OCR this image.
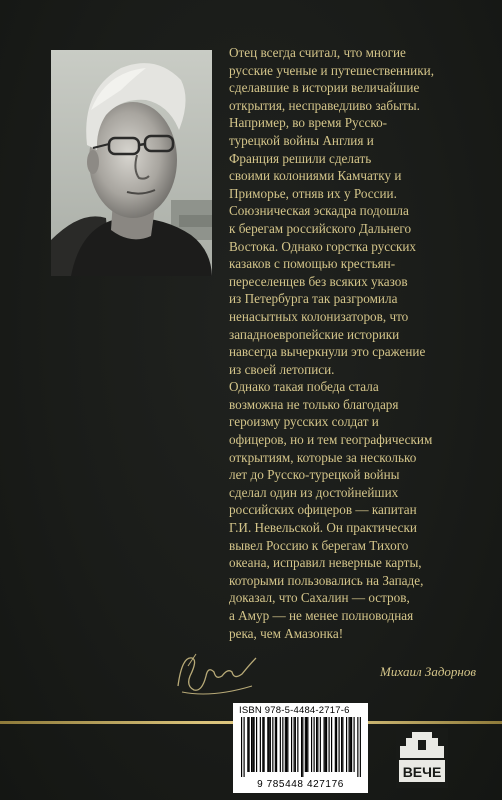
Отец всегда считал, что многие
русские ученые и путешественники,
сделавшие в истории величайшие
открытия, несправедливо забыты.
Например, во время Русско-
турецкой войны Англия и
Франция решили сделать
своими колониями Камчатку и
Приморье, отняв их у России.
Союзническая эскадра подошла
к берегам российского Дальнего
Востока. Однако горстка русских
казаков с помощью крестьян-
переселенцев без всяких указов
из Петербурга так разгромила
ненасытных колонизаторов, что
западноевропейские историки
навсегда вычеркнули это сражение
из своей летописи.

Однако такая победа стала
возможна не только благодаря
героизму русских солдат и
офицеров, но и тем географическим
открытиям, которые за несколько
лет до Русско-турецкой войны
сделал один из достойнейших
российских офицеров — капитан
Г.И. Невельской. Он практически
вывел Россию к берегам Тихого
океана, исправил неверные карты,
которыми пользовались на Западе,
доказал, что Сахалин — остров,
а Амур — не менее полноводная
река, чем Амазонка!

Михаил Задорнов
ISBN 978-5-4484-2717-6
9 785448 427176
ВЕЧЕ
